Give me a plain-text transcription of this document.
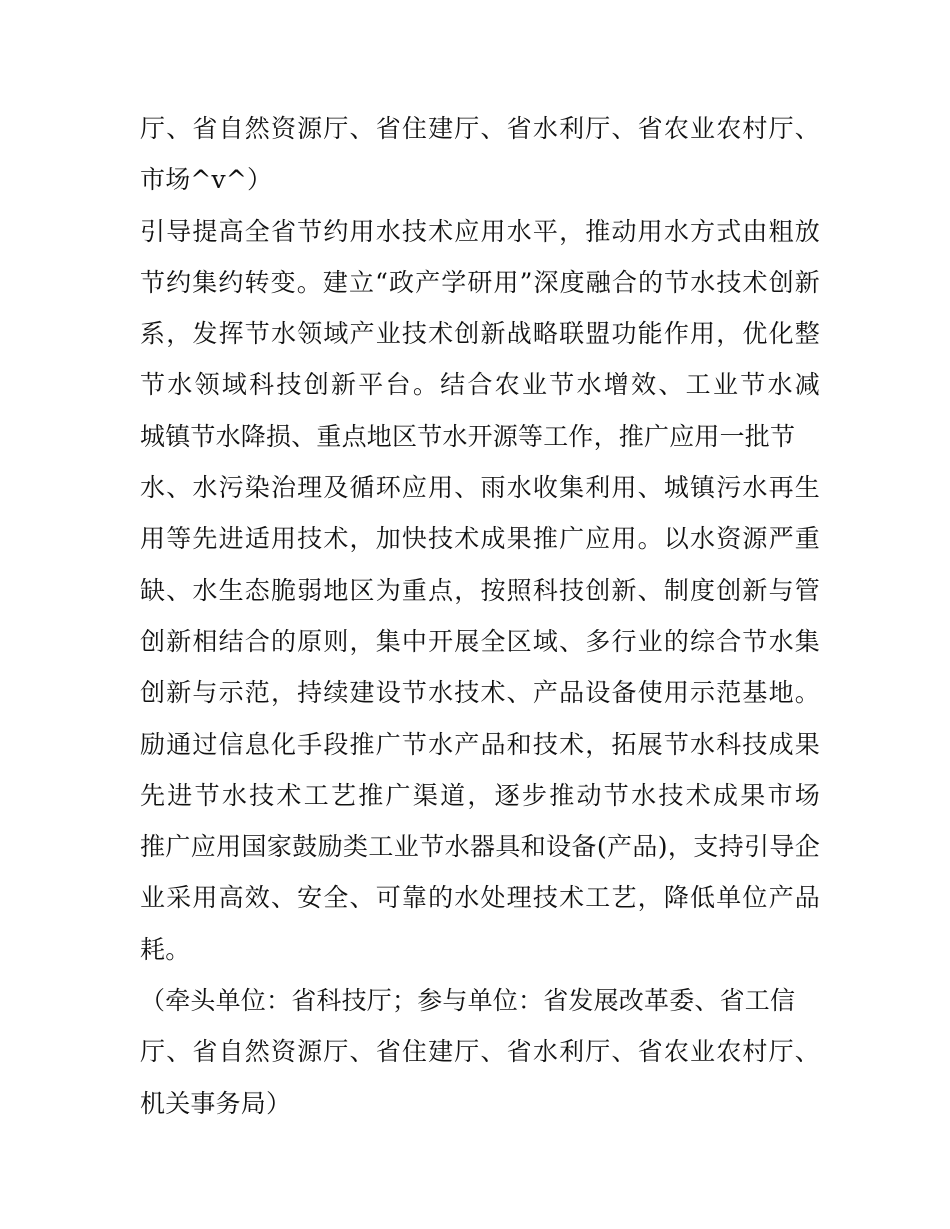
厅、省自然资源厅、省住建厅、省水利厅、省农业农村厅、
市场^v^）
引导提高全省节约用水技术应用水平，推动用水方式由粗放
节约集约转变。建立“政产学研用”深度融合的节水技术创新
系，发挥节水领域产业技术创新战略联盟功能作用，优化整
节水领域科技创新平台。结合农业节水增效、工业节水减
城镇节水降损、重点地区节水开源等工作，推广应用一批节
水、水污染治理及循环应用、雨水收集利用、城镇污水再生
用等先进适用技术，加快技术成果推广应用。以水资源严重
缺、水生态脆弱地区为重点，按照科技创新、制度创新与管
创新相结合的原则，集中开展全区域、多行业的综合节水集
创新与示范，持续建设节水技术、产品设备使用示范基地。
励通过信息化手段推广节水产品和技术，拓展节水科技成果
先进节水技术工艺推广渠道，逐步推动节水技术成果市场
推广应用国家鼓励类工业节水器具和设备(产品)，支持引导企
业采用高效、安全、可靠的水处理技术工艺，降低单位产品
耗。
（牵头单位：省科技厅；参与单位：省发展改革委、省工信
厅、省自然资源厅、省住建厅、省水利厅、省农业农村厅、
机关事务局）
